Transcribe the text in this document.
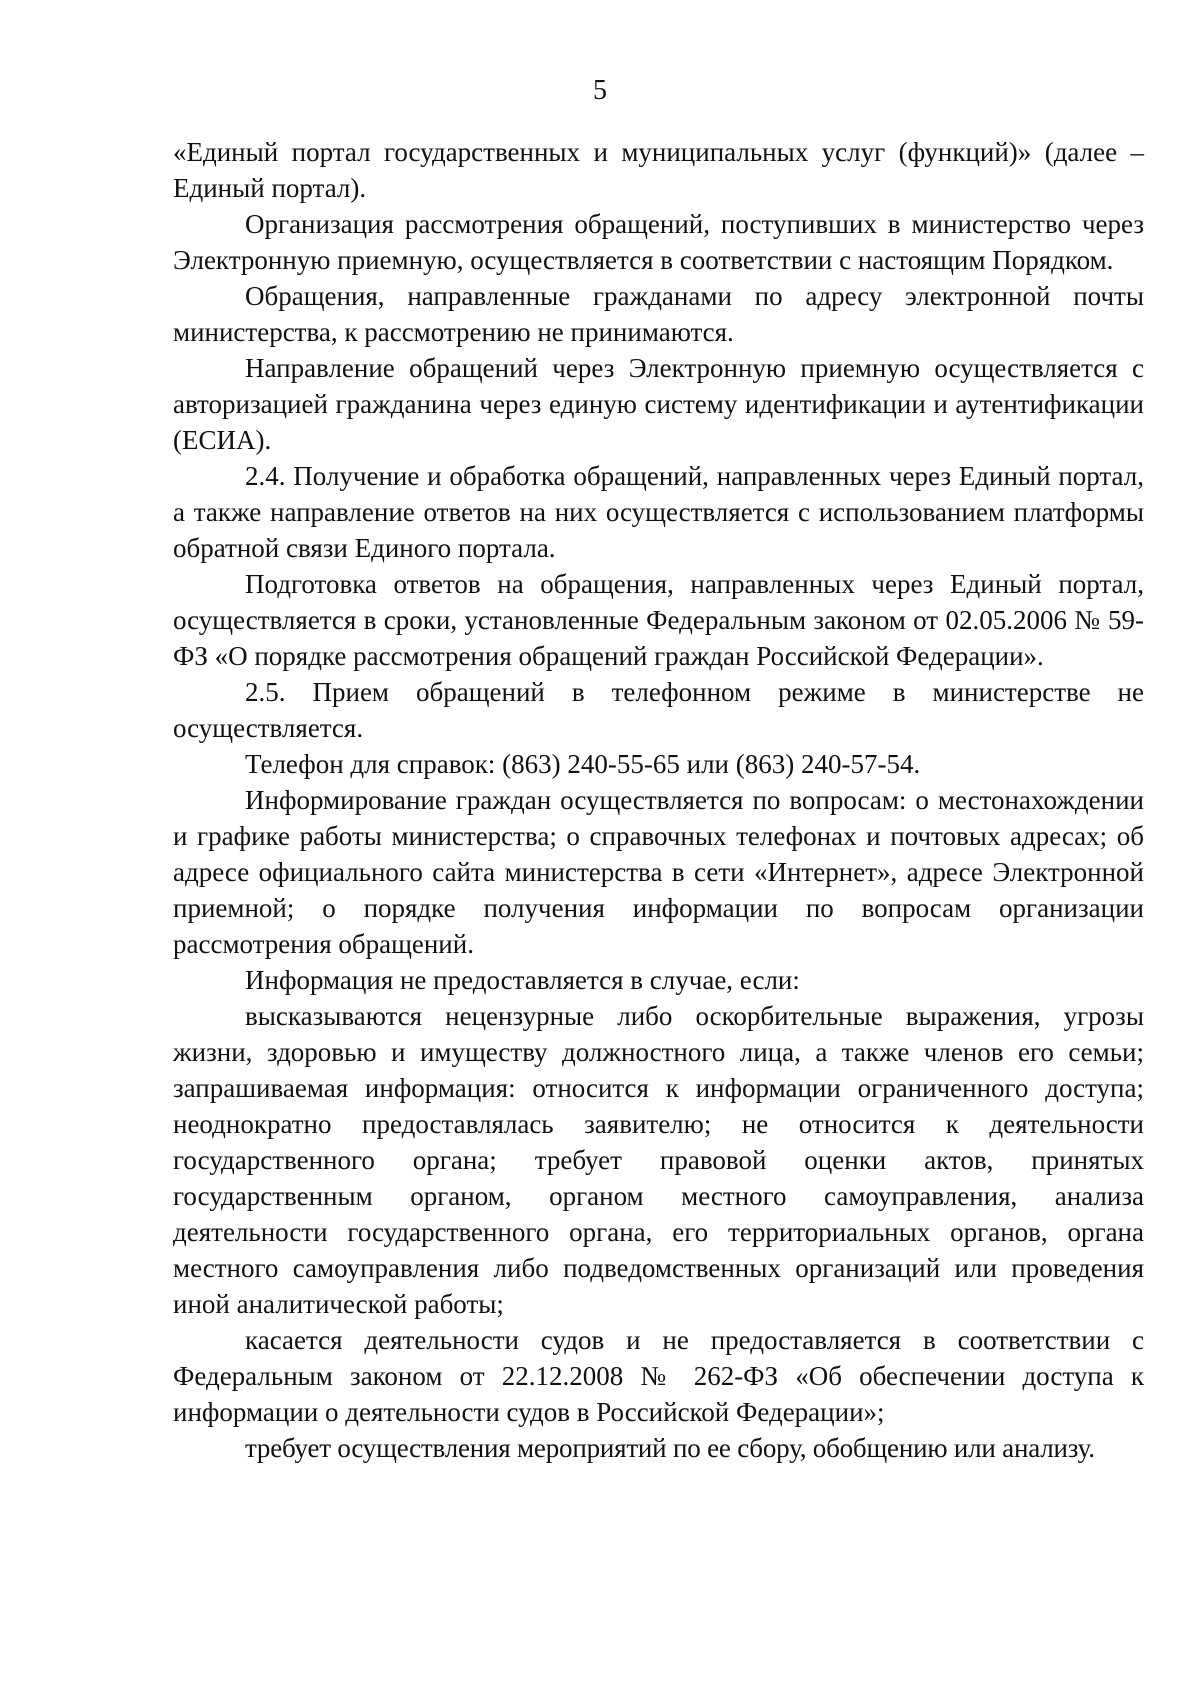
5

«Единый портал государственных и муниципальных услуг (функций)» (далее – Единый портал).

Организация рассмотрения обращений, поступивших в министерство через Электронную приемную, осуществляется в соответствии с настоящим Порядком.

Обращения, направленные гражданами по адресу электронной почты министерства, к рассмотрению не принимаются.

Направление обращений через Электронную приемную осуществляется с авторизацией гражданина через единую систему идентификации и аутентификации (ЕСИА).

2.4. Получение и обработка обращений, направленных через Единый портал, а также направление ответов на них осуществляется с использованием платформы обратной связи Единого портала.

Подготовка ответов на обращения, направленных через Единый портал, осуществляется в сроки, установленные Федеральным законом от 02.05.2006 № 59-ФЗ «О порядке рассмотрения обращений граждан Российской Федерации».

2.5. Прием обращений в телефонном режиме в министерстве не осуществляется.

Телефон для справок: (863) 240-55-65 или (863) 240-57-54.

Информирование граждан осуществляется по вопросам: о местонахождении и графике работы министерства; о справочных телефонах и почтовых адресах; об адресе официального сайта министерства в сети «Интернет», адресе Электронной приемной; о порядке получения информации по вопросам организации рассмотрения обращений.

Информация не предоставляется в случае, если:

высказываются нецензурные либо оскорбительные выражения, угрозы жизни, здоровью и имуществу должностного лица, а также членов его семьи; запрашиваемая информация: относится к информации ограниченного доступа; неоднократно предоставлялась заявителю; не относится к деятельности государственного органа; требует правовой оценки актов, принятых государственным органом, органом местного самоуправления, анализа деятельности государственного органа, его территориальных органов, органа местного самоуправления либо подведомственных организаций или проведения иной аналитической работы;

касается деятельности судов и не предоставляется в соответствии с Федеральным законом от 22.12.2008 № 262-ФЗ «Об обеспечении доступа к информации о деятельности судов в Российской Федерации»;

требует осуществления мероприятий по ее сбору, обобщению или анализу.
